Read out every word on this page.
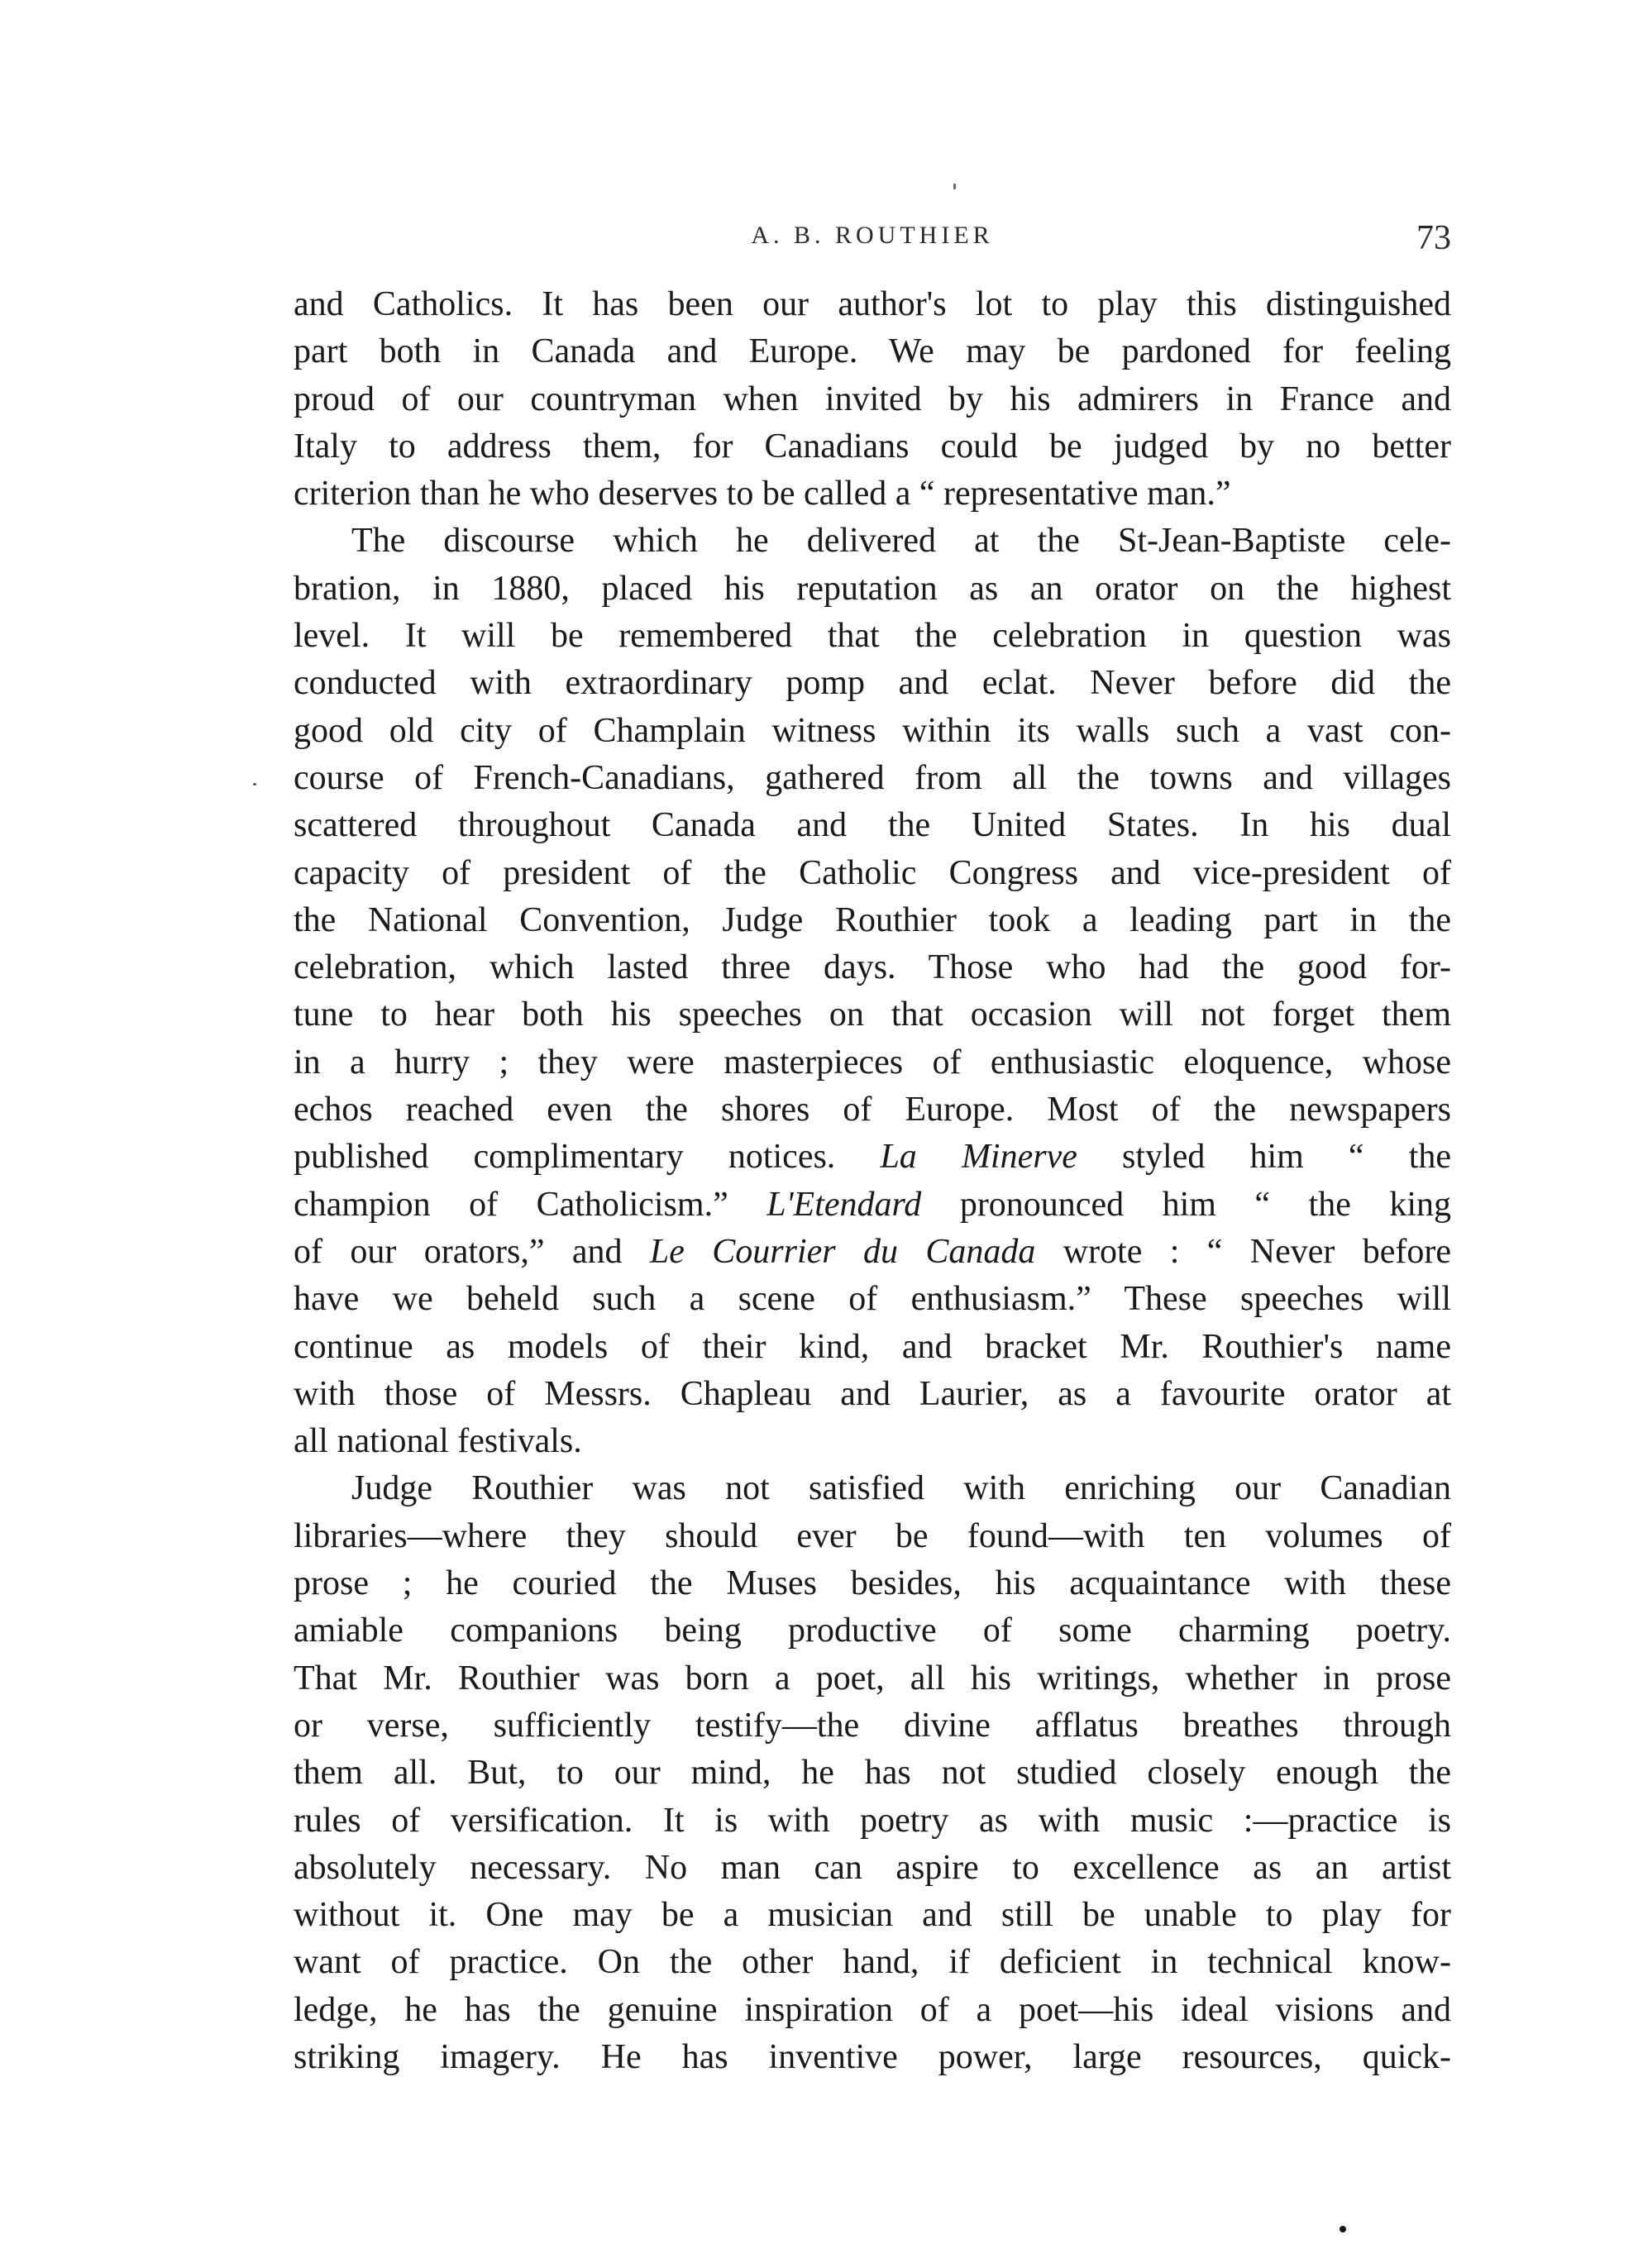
A. B. ROUTHIER	73

and Catholics. It has been our author's lot to play this distinguished
part both in Canada and Europe. We may be pardoned for feeling
proud of our countryman when invited by his admirers in France and
Italy to address them, for Canadians could be judged by no better
criterion than he who deserves to be called a “ representative man.”

The discourse which he delivered at the St-Jean-Baptiste cele-
bration, in 1880, placed his reputation as an orator on the highest
level. It will be remembered that the celebration in question was
conducted with extraordinary pomp and eclat. Never before did the
good old city of Champlain witness within its walls such a vast con-
course of French-Canadians, gathered from all the towns and villages
scattered throughout Canada and the United States. In his dual
capacity of president of the Catholic Congress and vice-president of
the National Convention, Judge Routhier took a leading part in the
celebration, which lasted three days. Those who had the good for-
tune to hear both his speeches on that occasion will not forget them
in a hurry ; they were masterpieces of enthusiastic eloquence, whose
echos reached even the shores of Europe. Most of the newspapers
published complimentary notices. La Minerve styled him “ the
champion of Catholicism.” L'Etendard pronounced him “ the king
of our orators,” and Le Courrier du Canada wrote : “ Never before
have we beheld such a scene of enthusiasm.” These speeches will
continue as models of their kind, and bracket Mr. Routhier's name
with those of Messrs. Chapleau and Laurier, as a favourite orator at
all national festivals.

Judge Routhier was not satisfied with enriching our Canadian
libraries—where they should ever be found—with ten volumes of
prose ; he couried the Muses besides, his acquaintance with these
amiable companions being productive of some charming poetry.
That Mr. Routhier was born a poet, all his writings, whether in prose
or verse, sufficiently testify—the divine afflatus breathes through
them all. But, to our mind, he has not studied closely enough the
rules of versification. It is with poetry as with music :—practice is
absolutely necessary. No man can aspire to excellence as an artist
without it. One may be a musician and still be unable to play for
want of practice. On the other hand, if deficient in technical know-
ledge, he has the genuine inspiration of a poet—his ideal visions and
striking imagery. He has inventive power, large resources, quick-
